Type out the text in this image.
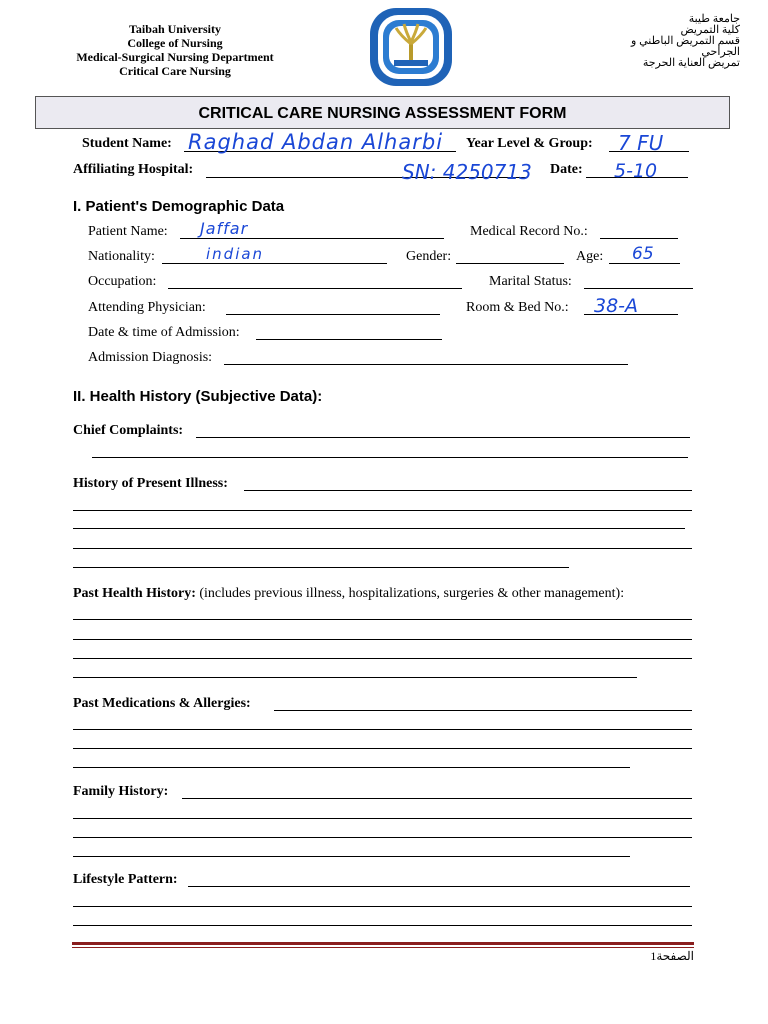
Taibah University
College of Nursing
Medical-Surgical Nursing Department
Critical Care Nursing
جامعة طيبة
كلية التمريض
قسم التمريض الباطني و الجراحي
تمريض العناية الحرجة
CRITICAL CARE NURSING ASSESSMENT FORM
Student Name: Raghad Abdan Alharbi Year Level & Group: 7 FU
Affiliating Hospital:	SN: 4250713 Date: 5-10
I. Patient's Demographic Data
Patient Name: Jaffar	Medical Record No.:
Nationality:	indian	Gender:	Age: 65
Occupation:	Marital Status:
Attending Physician:	Room & Bed No.: 38-A
Date & time of Admission:
Admission Diagnosis:
II. Health History (Subjective Data):
Chief Complaints:
History of Present Illness:
Past Health History: (includes previous illness, hospitalizations, surgeries & other management):
Past Medications & Allergies:
Family History:
Lifestyle Pattern:
الصفحة1
